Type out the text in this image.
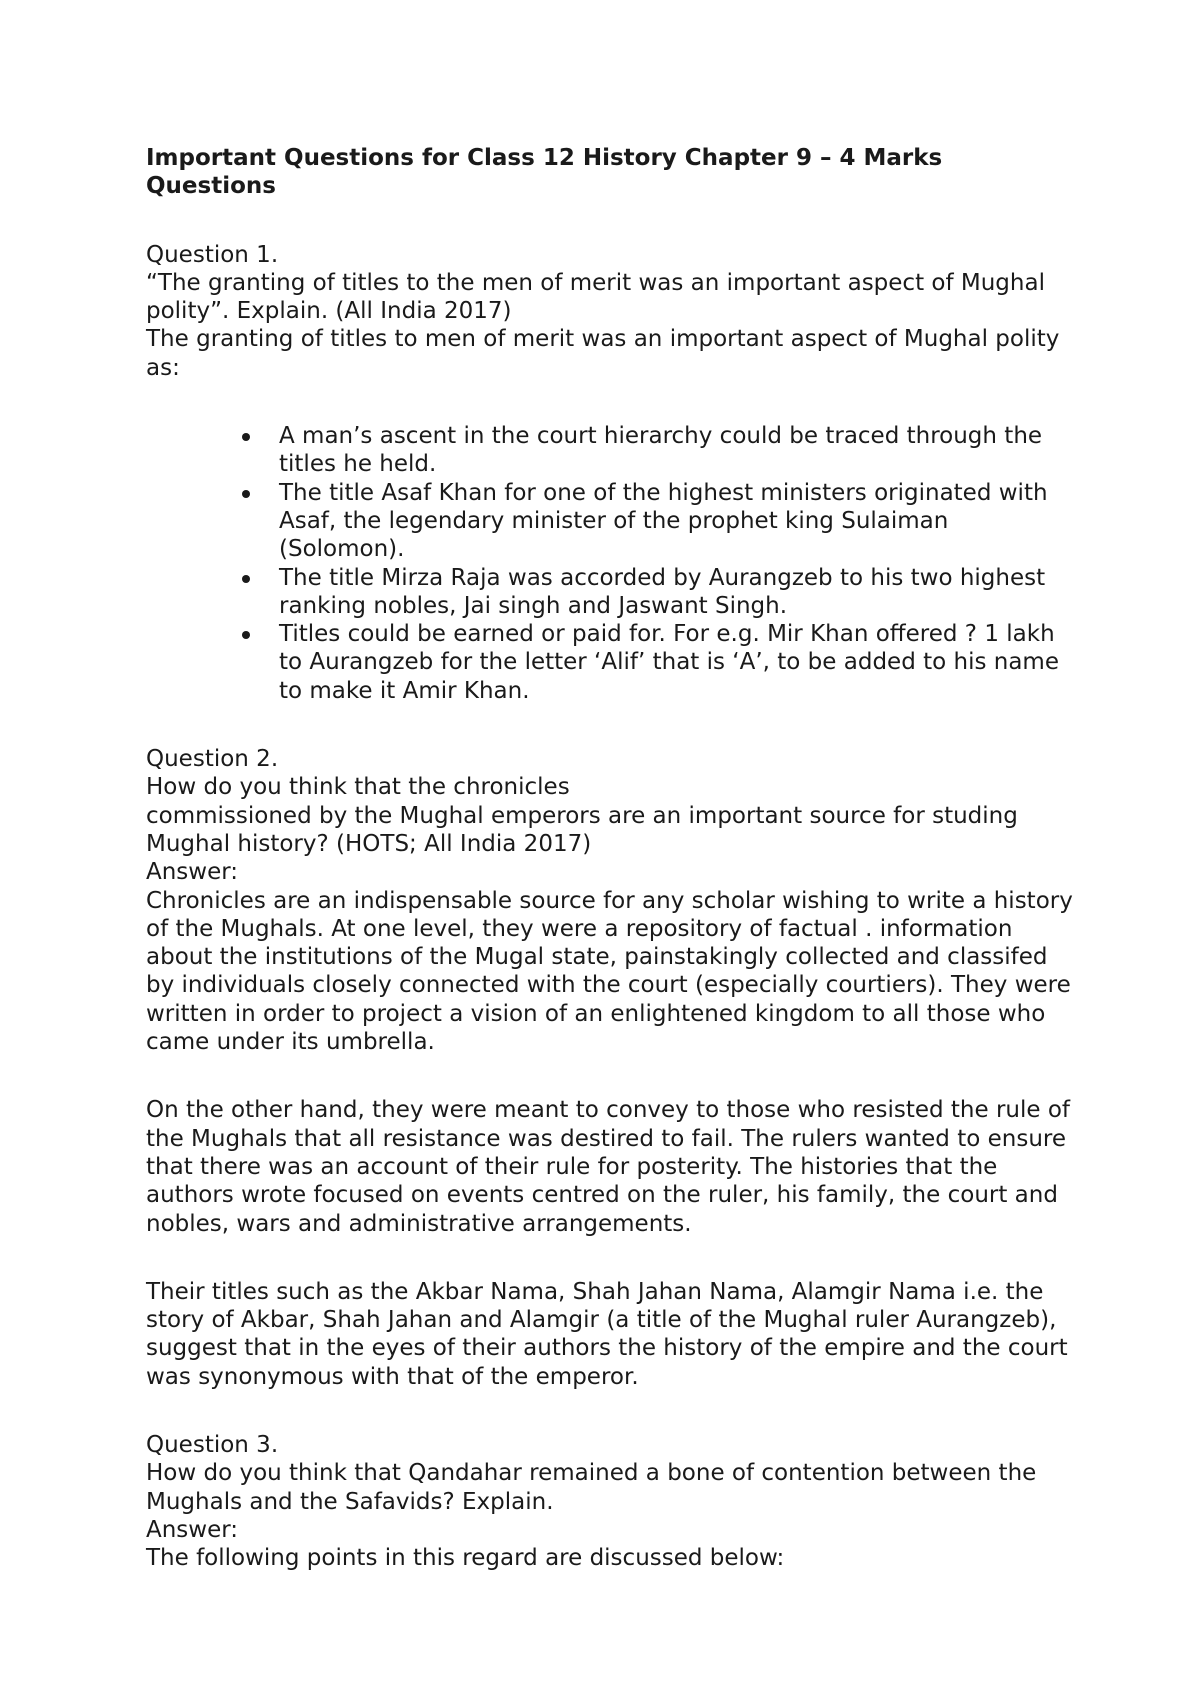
Important Questions for Class 12 History Chapter 9 – 4 Marks Questions

Question 1.

“The granting of titles to the men of merit was an important aspect of Mughal polity”. Explain. (All India 2017)

The granting of titles to men of merit was an important aspect of Mughal polity as:

A man’s ascent in the court hierarchy could be traced through the titles he held.
The title Asaf Khan for one of the highest ministers originated with Asaf, the legendary minister of the prophet king Sulaiman (Solomon).
The title Mirza Raja was accorded by Aurangzeb to his two highest ranking nobles, Jai singh and Jaswant Singh.
Titles could be earned or paid for. For e.g. Mir Khan offered ? 1 lakh to Aurangzeb for the letter ‘Alif’ that is ‘A’, to be added to his name to make it Amir Khan.

Question 2.

How do you think that the chronicles

commissioned by the Mughal emperors are an important source for studing Mughal history? (HOTS; All India 2017)

Answer:

Chronicles are an indispensable source for any scholar wishing to write a history of the Mughals. At one level, they were a repository of factual . information about the institutions of the Mugal state, painstakingly collected and classifed by individuals closely connected with the court (especially courtiers). They were written in order to project a vision of an enlightened kingdom to all those who came under its umbrella.

On the other hand, they were meant to convey to those who resisted the rule of the Mughals that all resistance was destired to fail. The rulers wanted to ensure that there was an account of their rule for posterity. The histories that the authors wrote focused on events centred on the ruler, his family, the court and nobles, wars and administrative arrangements.

Their titles such as the Akbar Nama, Shah Jahan Nama, Alamgir Nama i.e. the story of Akbar, Shah Jahan and Alamgir (a title of the Mughal ruler Aurangzeb), suggest that in the eyes of their authors the history of the empire and the court was synonymous with that of the emperor.

Question 3.

How do you think that Qandahar remained a bone of contention between the Mughals and the Safavids? Explain.

Answer:

The following points in this regard are discussed below:
